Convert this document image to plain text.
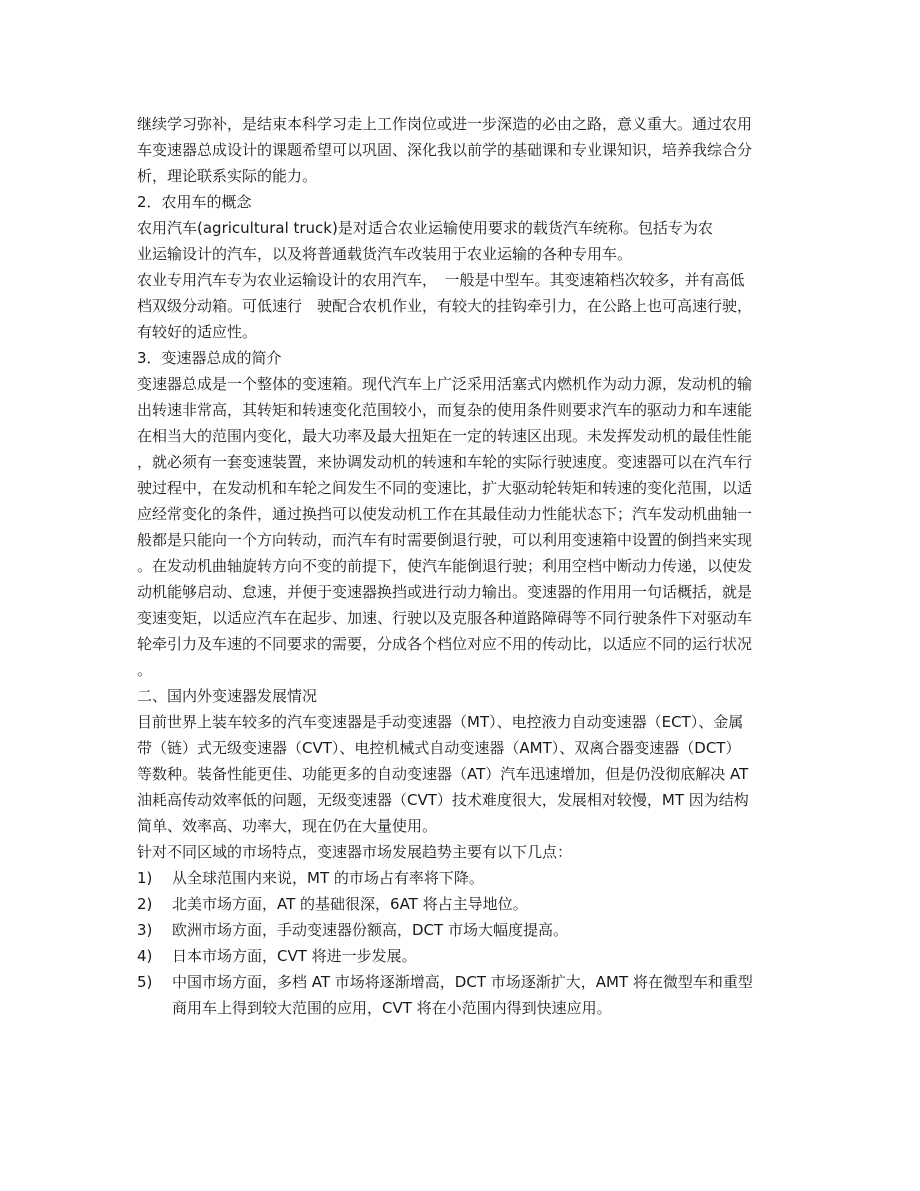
继续学习弥补，是结束本科学习走上工作岗位或进一步深造的必由之路，意义重大。通过农用
车变速器总成设计的课题希望可以巩固、深化我以前学的基础课和专业课知识，培养我综合分
析，理论联系实际的能力。
2．农用车的概念
农用汽车(agricultural truck)是对适合农业运输使用要求的载货汽车统称。包括专为农
业运输设计的汽车，以及将普通载货汽车改装用于农业运输的各种专用车。
农业专用汽车专为农业运输设计的农用汽车，　一般是中型车。其变速箱档次较多，并有高低
档双级分动箱。可低速行　驶配合农机作业，有较大的挂钩牵引力，在公路上也可高速行驶，
有较好的适应性。
3．变速器总成的简介
变速器总成是一个整体的变速箱。现代汽车上广泛采用活塞式内燃机作为动力源，发动机的输
出转速非常高，其转矩和转速变化范围较小，而复杂的使用条件则要求汽车的驱动力和车速能
在相当大的范围内变化，最大功率及最大扭矩在一定的转速区出现。未发挥发动机的最佳性能
，就必须有一套变速装置，来协调发动机的转速和车轮的实际行驶速度。变速器可以在汽车行
驶过程中，在发动机和车轮之间发生不同的变速比，扩大驱动轮转矩和转速的变化范围，以适
应经常变化的条件，通过换挡可以使发动机工作在其最佳动力性能状态下；汽车发动机曲轴一
般都是只能向一个方向转动，而汽车有时需要倒退行驶，可以利用变速箱中设置的倒挡来实现
。在发动机曲轴旋转方向不变的前提下，使汽车能倒退行驶；利用空档中断动力传递，以使发
动机能够启动、怠速，并便于变速器换挡或进行动力输出。变速器的作用用一句话概括，就是
变速变矩，以适应汽车在起步、加速、行驶以及克服各种道路障碍等不同行驶条件下对驱动车
轮牵引力及车速的不同要求的需要，分成各个档位对应不用的传动比，以适应不同的运行状况
。
二、国内外变速器发展情况
目前世界上装车较多的汽车变速器是手动变速器（MT）、电控液力自动变速器（ECT）、金属
带（链）式无级变速器（CVT）、电控机械式自动变速器（AMT）、双离合器变速器（DCT）
等数种。装备性能更佳、功能更多的自动变速器（AT）汽车迅速增加，但是仍没彻底解决 AT
油耗高传动效率低的问题，无级变速器（CVT）技术难度很大，发展相对较慢，MT 因为结构
简单、效率高、功率大，现在仍在大量使用。
针对不同区域的市场特点，变速器市场发展趋势主要有以下几点：
1)	从全球范围内来说，MT 的市场占有率将下降。
2)	北美市场方面，AT 的基础很深，6AT 将占主导地位。
3)	欧洲市场方面，手动变速器份额高，DCT 市场大幅度提高。
4)	日本市场方面，CVT 将进一步发展。
5)	中国市场方面，多档 AT 市场将逐渐增高，DCT 市场逐渐扩大，AMT 将在微型车和重型
商用车上得到较大范围的应用，CVT 将在小范围内得到快速应用。
